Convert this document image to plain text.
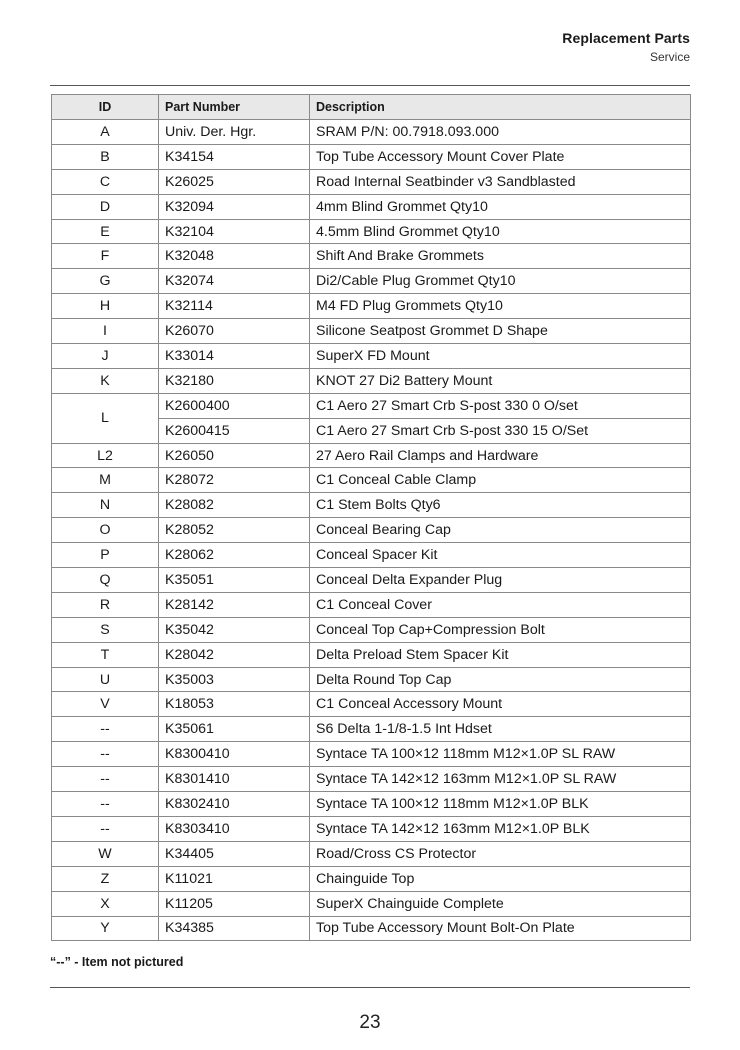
Replacement Parts
Service
ID	Part Number	Description
A	Univ. Der. Hgr.	SRAM P/N: 00.7918.093.000
B	K34154	Top Tube Accessory Mount Cover Plate
C	K26025	Road Internal Seatbinder v3 Sandblasted
D	K32094	4mm Blind Grommet Qty10
E	K32104	4.5mm Blind Grommet Qty10
F	K32048	Shift And Brake Grommets
G	K32074	Di2/Cable Plug Grommet Qty10
H	K32114	M4 FD Plug Grommets Qty10
I	K26070	Silicone Seatpost Grommet D Shape
J	K33014	SuperX FD Mount
K	K32180	KNOT 27 Di2 Battery Mount
L	K2600400	C1 Aero 27 Smart Crb S-post 330 0 O/set
	K2600415	C1 Aero 27 Smart Crb S-post 330 15 O/Set
L2	K26050	27 Aero Rail Clamps and Hardware
M	K28072	C1 Conceal Cable Clamp
N	K28082	C1 Stem Bolts Qty6
O	K28052	Conceal Bearing Cap
P	K28062	Conceal Spacer Kit
Q	K35051	Conceal Delta Expander Plug
R	K28142	C1 Conceal Cover
S	K35042	Conceal Top Cap+Compression Bolt
T	K28042	Delta Preload Stem Spacer Kit
U	K35003	Delta Round Top Cap
V	K18053	C1 Conceal Accessory Mount
--	K35061	S6 Delta 1-1/8-1.5 Int Hdset
--	K8300410	Syntace TA 100×12 118mm M12×1.0P SL RAW
--	K8301410	Syntace TA 142×12 163mm M12×1.0P SL RAW
--	K8302410	Syntace TA 100×12 118mm M12×1.0P BLK
--	K8303410	Syntace TA 142×12 163mm M12×1.0P BLK
W	K34405	Road/Cross CS Protector
Z	K11021	Chainguide Top
X	K11205	SuperX Chainguide Complete
Y	K34385	Top Tube Accessory Mount Bolt-On Plate
“--” - Item not pictured
23
